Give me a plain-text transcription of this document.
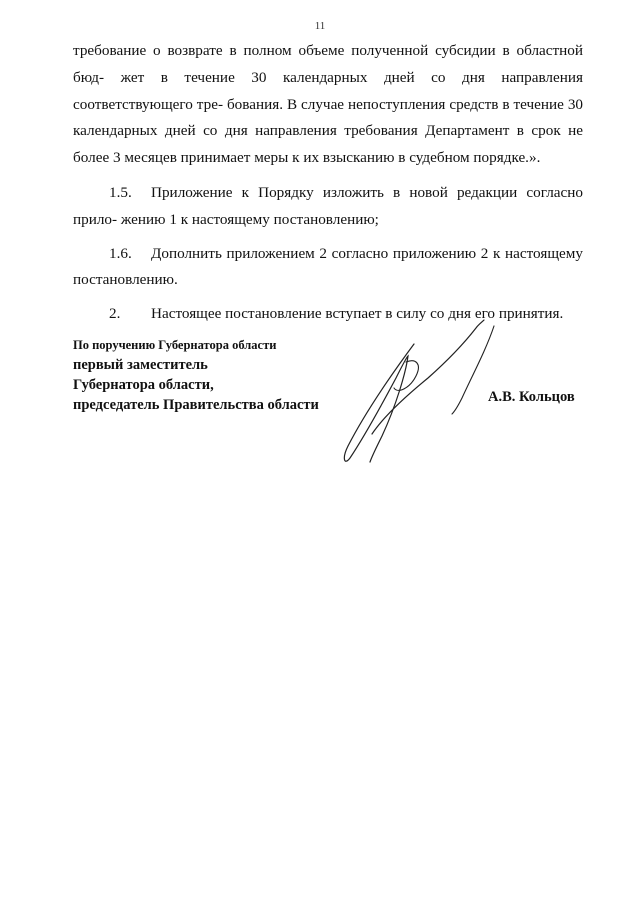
11

требование о возврате в полном объеме полученной субсидии в областной бюд- жет в течение 30 календарных дней со дня направления соответствующего тре- бования. В случае непоступления средств в течение 30 календарных дней со дня направления требования Департамент в срок не более 3 месяцев принимает меры к их взысканию в судебном порядке.».

1.5. Приложение к Порядку изложить в новой редакции согласно прило- жению 1 к настоящему постановлению;

1.6. Дополнить приложением 2 согласно приложению 2 к настоящему постановлению.

2. Настоящее постановление вступает в силу со дня его принятия.

По поручению Губернатора области
первый заместитель
Губернатора области,
председатель Правительства области	А.В. Кольцов
